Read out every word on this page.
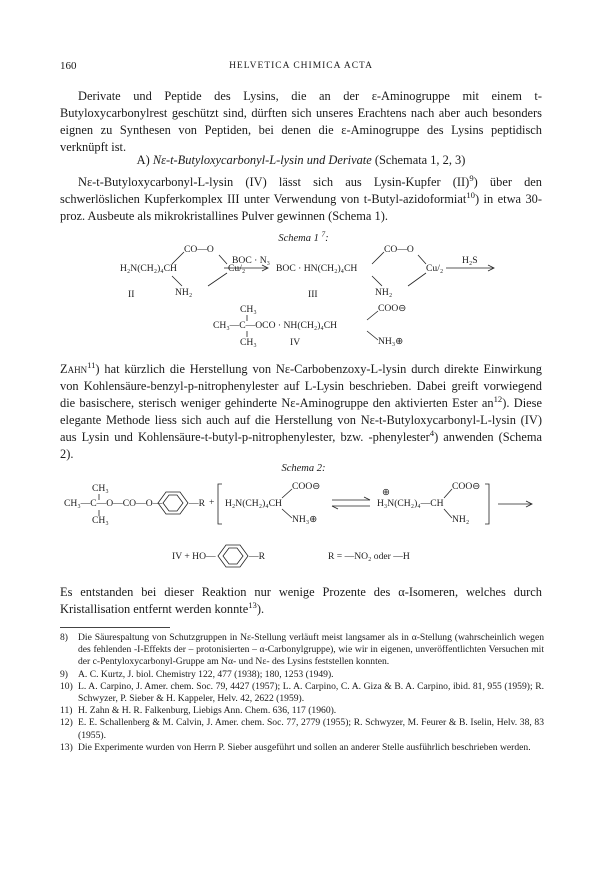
160	HELVETICA CHIMICA ACTA

Derivate und Peptide des Lysins, die an der ε-Aminogruppe mit einem t-Butyloxycarbonylrest geschützt sind, dürften sich unseres Erachtens nach aber auch besonders eignen zu Synthesen von Peptiden, bei denen die ε-Aminogruppe des Lysins peptidisch verknüpft ist.

A) Nε-t-Butyloxycarbonyl-L-lysin und Derivate (Schemata 1, 2, 3)

Nε-t-Butyloxycarbonyl-L-lysin (IV) lässt sich aus Lysin-Kupfer (II)$^9$) über den schwerlöslichen Kupferkomplex III unter Verwendung von t-Butyl-azidoformiat$^{10}$) in etwa 30-proz. Ausbeute als mikrokristallines Pulver gewinnen (Schema 1).

Schema 1 $^7$:
CO—O
H₂N(CH₂)₄CH	Cu/₂
NH₂
II
BOC · N₃
CO—O
BOC · HN(CH₂)₄CH	Cu/₂
NH₂
III
H₂S
CH₃
CH₃—C—OCO · NH(CH₂)₄CH
CH₃	IV
COO⊖
NH₃⊕

Zahn$^{11}$) hat kürzlich die Herstellung von Nε-Carbobenzoxy-L-lysin durch direkte Einwirkung von Kohlensäure-benzyl-p-nitrophenylester auf L-Lysin beschrieben. Dabei greift vorwiegend die basischere, sterisch weniger gehinderte Nε-Aminogruppe den aktivierten Ester $an^{12}$). Diese elegante Methode liess sich auch auf die Herstellung von Nε-t-Butyloxycarbonyl-L-lysin (IV) aus Lysin und Kohlensäure-t-butyl-p-nitrophenylester, bzw. -phenylester$^4$) anwenden (Schema 2).

Schema 2:
CH₃
CH₃—C—O—CO—O—
CH₃
—R + H₂N(CH₂)₄CH
COO⊖
NH₃⊕
⊕
H₃N(CH₂)₄—CH
COO⊖
NH₂
IV + HO—	—R	R = —NO₂ oder —H

Es entstanden bei dieser Reaktion nur wenige Prozente des α-Isomeren, welches durch Kristallisation entfernt werden konnte$^{13}$).

8) Die Säurespaltung von Schutzgruppen in Nε-Stellung verläuft meist langsamer als in α-Stellung (wahrscheinlich wegen des fehlenden -I-Effekts der – protonisierten – α-Carbonylgruppe), wie wir in eigenen, unveröffentlichten Versuchen mit der c-Pentyloxycarbonyl-Gruppe am Nα- und Nε- des Lysins feststellen konnten.
9) A. C. Kurtz, J. biol. Chemistry 122, 477 (1938); 180, 1253 (1949).
10) L. A. Carpino, J. Amer. chem. Soc. 79, 4427 (1957); L. A. Carpino, C. A. Giza & B. A. Carpino, ibid. 81, 955 (1959); R. Schwyzer, P. Sieber & H. Kappeler, Helv. 42, 2622 (1959).
11) H. Zahn & H. R. Falkenburg, Liebigs Ann. Chem. 636, 117 (1960).
12) E. E. Schallenberg & M. Calvin, J. Amer. chem. Soc. 77, 2779 (1955); R. Schwyzer, M. Feurer & B. Iselin, Helv. 38, 83 (1955).
13) Die Experimente wurden von Herrn P. Sieber ausgeführt und sollen an anderer Stelle ausführlich beschrieben werden.
